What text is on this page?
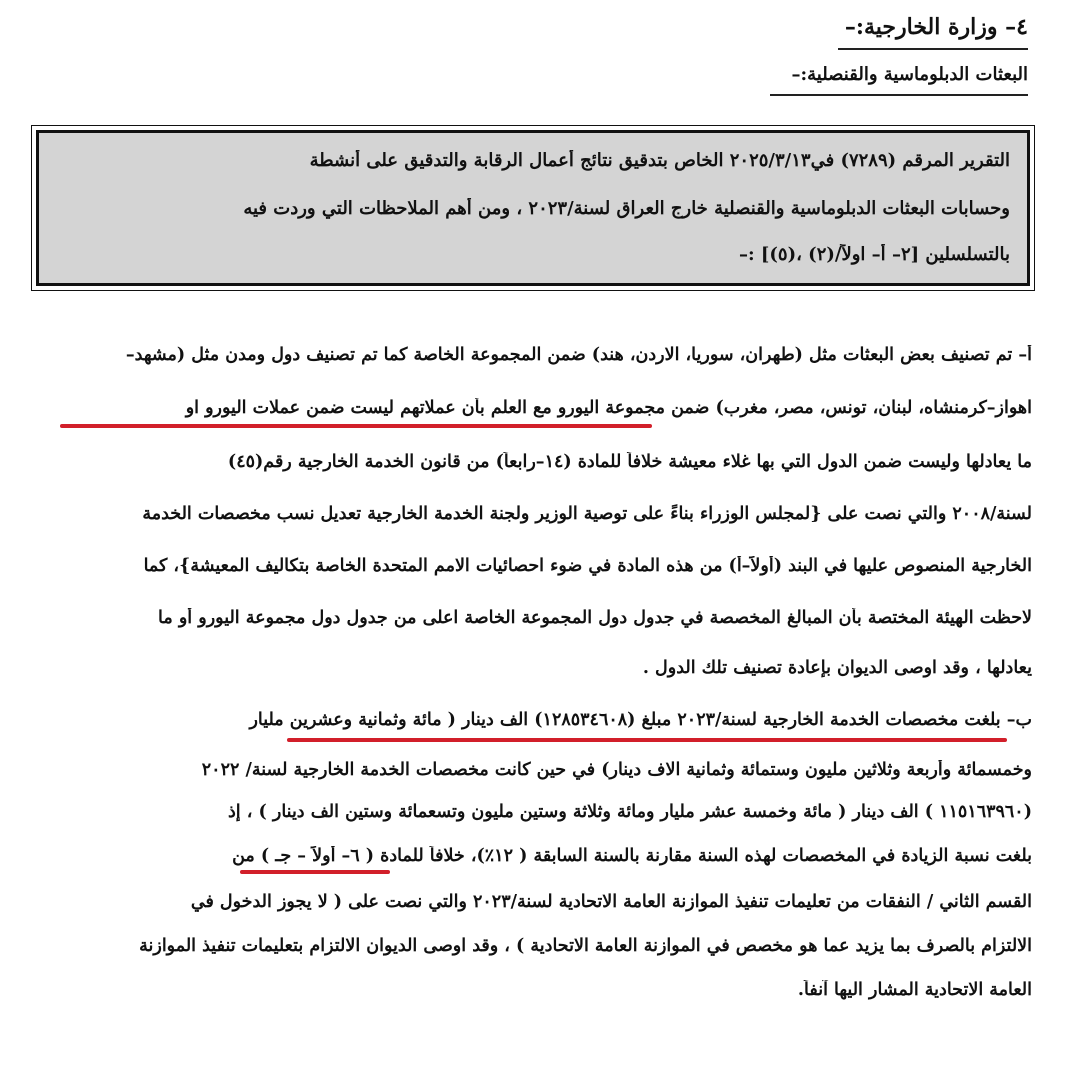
٤– وزارة الخارجية:–
البعثات الدبلوماسية والقنصلية:–
التقرير المرقم (٧٢٨٩) في٢٠٢٥/٣/١٣ الخاص بتدقيق نتائج أعمال الرقابة والتدقيق على أنشطة
وحسابات البعثات الدبلوماسية والقنصلية خارج العراق لسنة/٢٠٢٣ ، ومن أهم الملاحظات التي وردت فيه
بالتسلسلين [٢– أ– اولاً/(٢) ،(٥)] :–
أ– تم تصنيف بعض البعثات مثل (طهران، سوريا، الاردن، هند) ضمن المجموعة الخاصة كما تم تصنيف دول ومدن مثل (مشهد–
اهواز–كرمنشاه، لبنان، تونس، مصر، مغرب) ضمن مجموعة اليورو مع العلم بأن عملاتهم ليست ضمن عملات اليورو او
ما يعادلها وليست ضمن الدول التي بها غلاء معيشة خلافاً للمادة (١٤–رابعاً) من قانون الخدمة الخارجية رقم(٤٥)
لسنة/٢٠٠٨ والتي نصت على {لمجلس الوزراء بناءً على توصية الوزير ولجنة الخدمة الخارجية تعديل نسب مخصصات الخدمة
الخارجية المنصوص عليها في البند (أولاً–أ) من هذه المادة في ضوء احصائيات الامم المتحدة الخاصة بتكاليف المعيشة}، كما
لاحظت الهيئة المختصة بأن المبالغ المخصصة في جدول دول المجموعة الخاصة اعلى من جدول دول مجموعة اليورو أو ما
يعادلها ، وقد اوصى الديوان بإعادة تصنيف تلك الدول .
ب– بلغت مخصصات الخدمة الخارجية لسنة/٢٠٢٣ مبلغ (١٢٨٥٣٤٦٠٨) الف دينار ( مائة وثمانية وعشرين مليار
وخمسمائة وأربعة وثلاثين مليون وستمائة وثمانية الاف دينار) في حين كانت مخصصات الخدمة الخارجية لسنة/ ٢٠٢٢
(١١٥١٦٣٩٦٠ ) الف دينار ( مائة وخمسة عشر مليار ومائة وثلاثة وستين مليون وتسعمائة وستين الف دينار ) ، إذ
بلغت نسبة الزيادة في المخصصات لهذه السنة مقارنة بالسنة السابقة ( ١٢٪)، خلافاً للمادة ( ٦– أولاً – جـ ) من
القسم الثاني / النفقات من تعليمات تنفيذ الموازنة العامة الاتحادية لسنة/٢٠٢٣ والتي نصت على ( لا يجوز الدخول في
الالتزام بالصرف بما يزيد عما هو مخصص في الموازنة العامة الاتحادية ) ، وقد اوصى الديوان الالتزام بتعليمات تنفيذ الموازنة
العامة الاتحادية المشار اليها آنفاً.
